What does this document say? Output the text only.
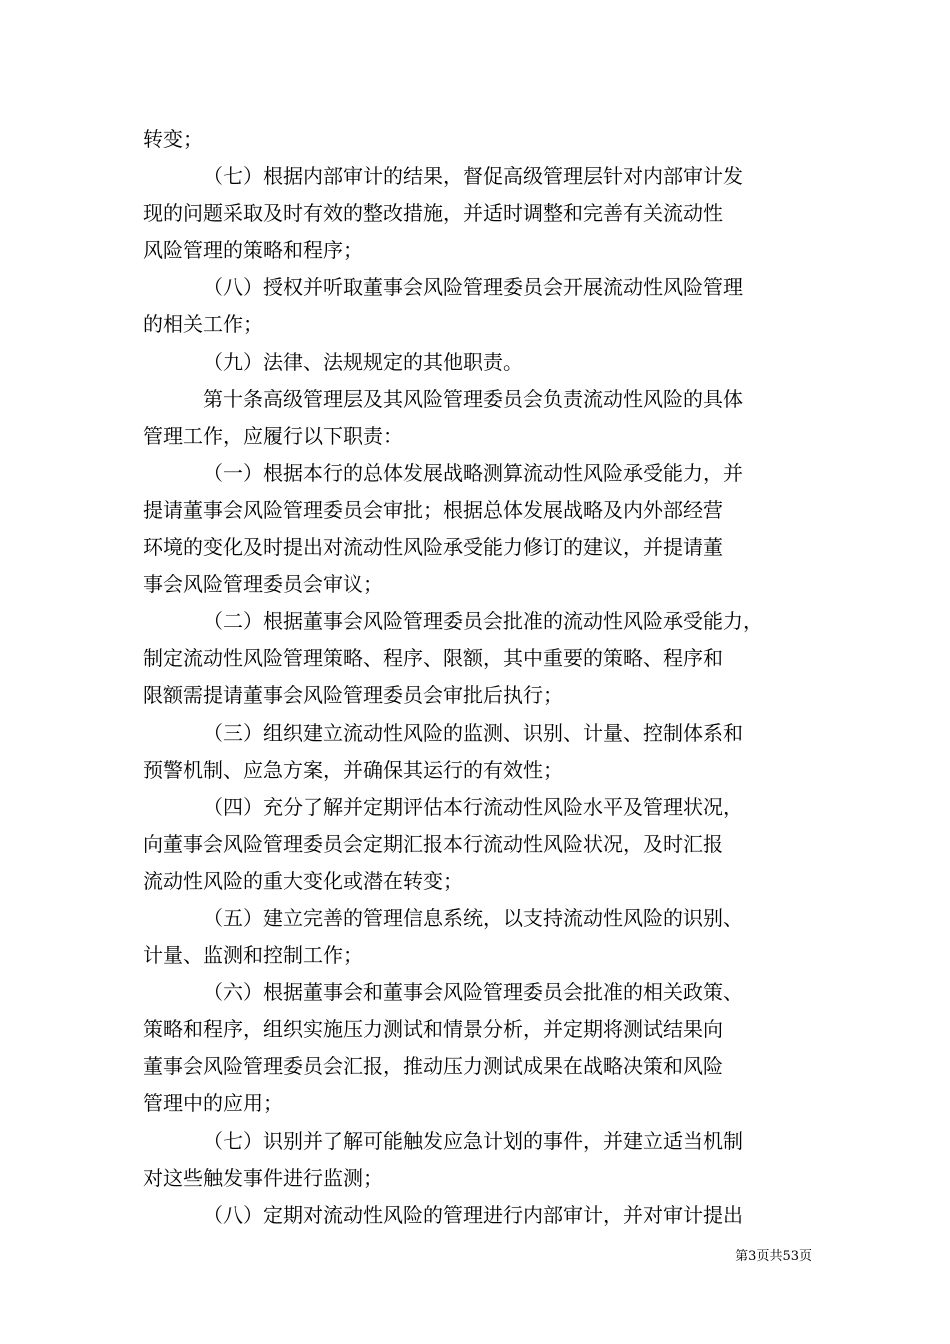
转变；
（七）根据内部审计的结果，督促高级管理层针对内部审计发
现的问题采取及时有效的整改措施，并适时调整和完善有关流动性
风险管理的策略和程序；
（八）授权并听取董事会风险管理委员会开展流动性风险管理
的相关工作；
（九）法律、法规规定的其他职责。
第十条高级管理层及其风险管理委员会负责流动性风险的具体
管理工作，应履行以下职责：
（一）根据本行的总体发展战略测算流动性风险承受能力，并
提请董事会风险管理委员会审批；根据总体发展战略及内外部经营
环境的变化及时提出对流动性风险承受能力修订的建议，并提请董
事会风险管理委员会审议；
（二）根据董事会风险管理委员会批准的流动性风险承受能力，
制定流动性风险管理策略、程序、限额，其中重要的策略、程序和
限额需提请董事会风险管理委员会审批后执行；
（三）组织建立流动性风险的监测、识别、计量、控制体系和
预警机制、应急方案，并确保其运行的有效性；
（四）充分了解并定期评估本行流动性风险水平及管理状况，
向董事会风险管理委员会定期汇报本行流动性风险状况，及时汇报
流动性风险的重大变化或潜在转变；
（五）建立完善的管理信息系统，以支持流动性风险的识别、
计量、监测和控制工作；
（六）根据董事会和董事会风险管理委员会批准的相关政策、
策略和程序，组织实施压力测试和情景分析，并定期将测试结果向
董事会风险管理委员会汇报，推动压力测试成果在战略决策和风险
管理中的应用；
（七）识别并了解可能触发应急计划的事件，并建立适当机制
对这些触发事件进行监测；
（八）定期对流动性风险的管理进行内部审计，并对审计提出
第3页共53页
